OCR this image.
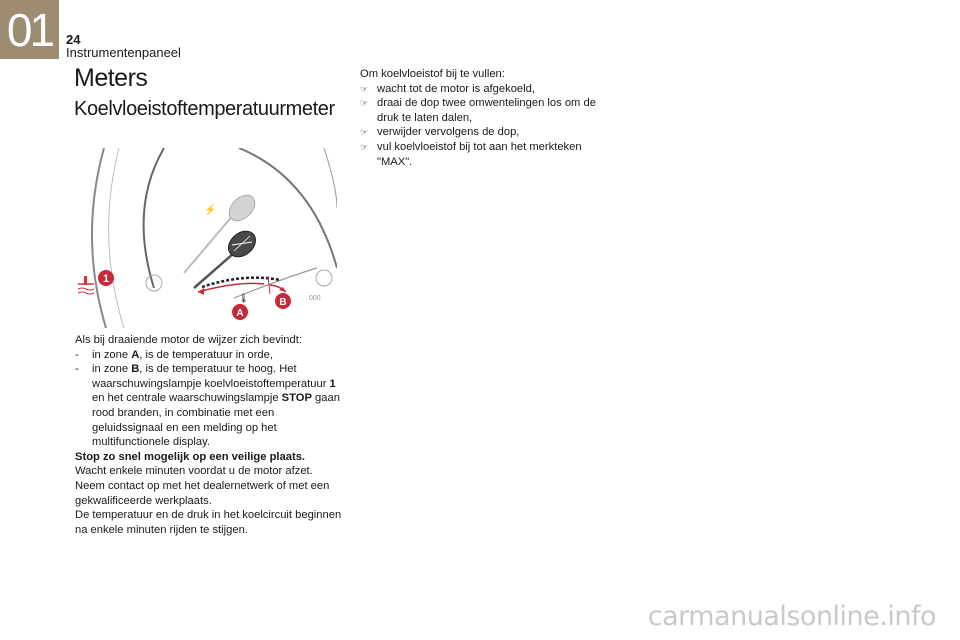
01 24
Instrumentenpaneel
Meters
Koelvloeistoftemperatuurmeter
000
⚡
🌡
1
B
A

Als bij draaiende motor de wijzer zich bevindt:

-	in zone A, is de temperatuur in orde,
-	in zone B, is de temperatuur te hoog. Het waarschuwingslampje koelvloeistoftemperatuur 1 en het centrale waarschuwingslampje STOP gaan rood branden, in combinatie met een geluidssignaal en een melding op het multifunctionele display.

Stop zo snel mogelijk op een veilige plaats.

Wacht enkele minuten voordat u de motor afzet.

Neem contact op met het dealernetwerk of met een gekwalificeerde werkplaats.

De temperatuur en de druk in het koelcircuit beginnen na enkele minuten rijden te stijgen.

Om koelvloeistof bij te vullen:

☞ wacht tot de motor is afgekoeld,
☞ draai de dop twee omwentelingen los om de druk te laten dalen,
☞ verwijder vervolgens de dop,
☞ vul koelvloeistof bij tot aan het merkteken "MAX".
carmanualsonline.info
